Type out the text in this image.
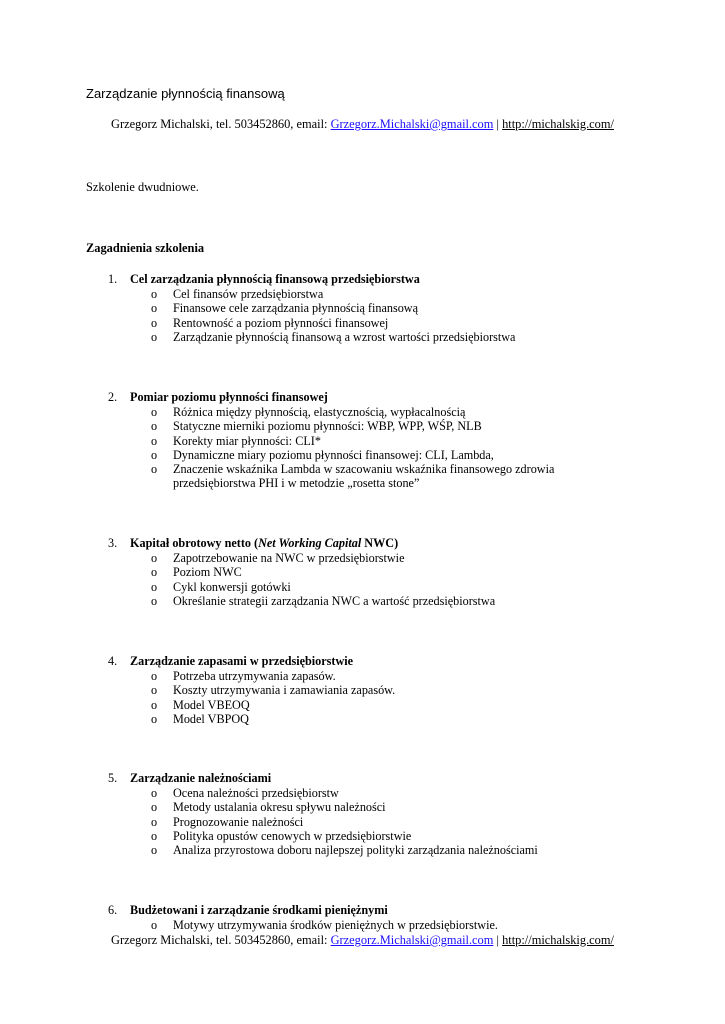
Zarządzanie płynnością finansową
Grzegorz Michalski, tel. 503452860, email: Grzegorz.Michalski@gmail.com | http://michalskig.com/

Szkolenie dwudniowe.

Zagadnienia szkolenia

1. Cel zarządzania płynnością finansową przedsiębiorstwa
o Cel finansów przedsiębiorstwa
o Finansowe cele zarządzania płynnością finansową
o Rentowność a poziom płynności finansowej
o Zarządzanie płynnością finansową a wzrost wartości przedsiębiorstwa
2. Pomiar poziomu płynności finansowej
o Różnica między płynnością, elastycznością, wypłacalnością
o Statyczne mierniki poziomu płynności: WBP, WPP, WŚP, NLB
o Korekty miar płynności: CLI*
o Dynamiczne miary poziomu płynności finansowej: CLI, Lambda,
o Znaczenie wskaźnika Lambda w szacowaniu wskaźnika finansowego zdrowia przedsiębiorstwa PHI i w metodzie „rosetta stone”
3. Kapitał obrotowy netto (Net Working Capital NWC)
o Zapotrzebowanie na NWC w przedsiębiorstwie
o Poziom NWC
o Cykl konwersji gotówki
o Określanie strategii zarządzania NWC a wartość przedsiębiorstwa
4. Zarządzanie zapasami w przedsiębiorstwie
o Potrzeba utrzymywania zapasów.
o Koszty utrzymywania i zamawiania zapasów.
o Model VBEOQ
o Model VBPOQ
5. Zarządzanie należnościami
o Ocena należności przedsiębiorstw
o Metody ustalania okresu spływu należności
o Prognozowanie należności
o Polityka opustów cenowych w przedsiębiorstwie
o Analiza przyrostowa doboru najlepszej polityki zarządzania należnościami
6. Budżetowani i zarządzanie środkami pieniężnymi
o Motywy utrzymywania środków pieniężnych w przedsiębiorstwie.
Grzegorz Michalski, tel. 503452860, email: Grzegorz.Michalski@gmail.com | http://michalskig.com/
